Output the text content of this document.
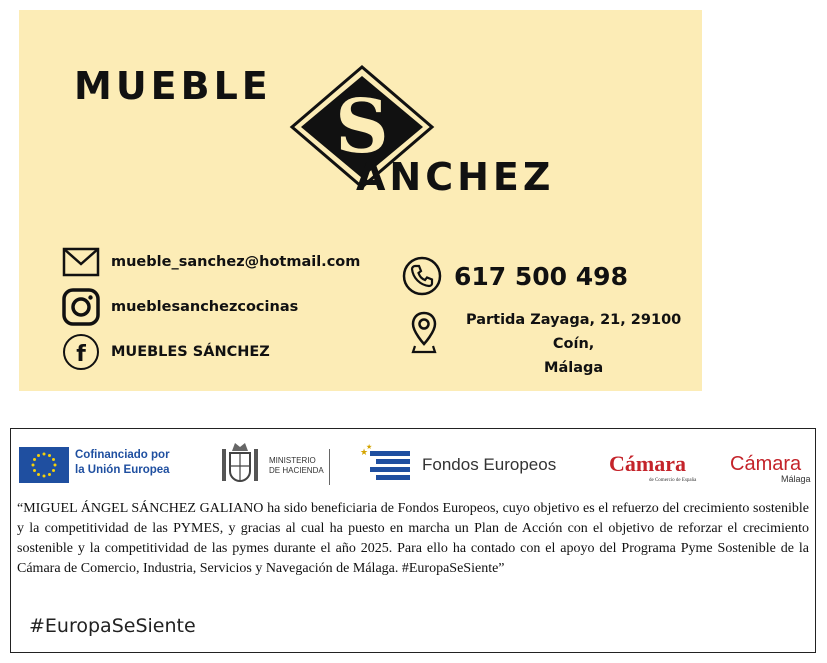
MUEBLE S
ÁNCHEZ
mueble_sanchez@hotmail.com
mueblesanchezcocinas
f MUEBLES SÁNCHEZ
617 500 498
Partida Zayaga, 21, 29100 Coín,
Málaga
Cofinanciado por
la Unión Europea
MINISTERIO
DE HACIENDA
★
★
Fondos Europeos Cámara
de Comercio de España
Cámara
Málaga
“MIGUEL ÁNGEL SÁNCHEZ GALIANO ha sido beneficiaria de Fondos Europeos, cuyo objetivo es el refuerzo del crecimiento sostenible y la competitividad de las PYMES, y gracias al cual ha puesto en marcha un Plan de Acción con el objetivo de reforzar el crecimiento sostenible y la competitividad de las pymes durante el año 2025. Para ello ha contado con el apoyo del Programa Pyme Sostenible de la Cámara de Comercio, Industria, Servicios y Navegación de Málaga. #EuropaSeSiente”
#EuropaSeSiente
